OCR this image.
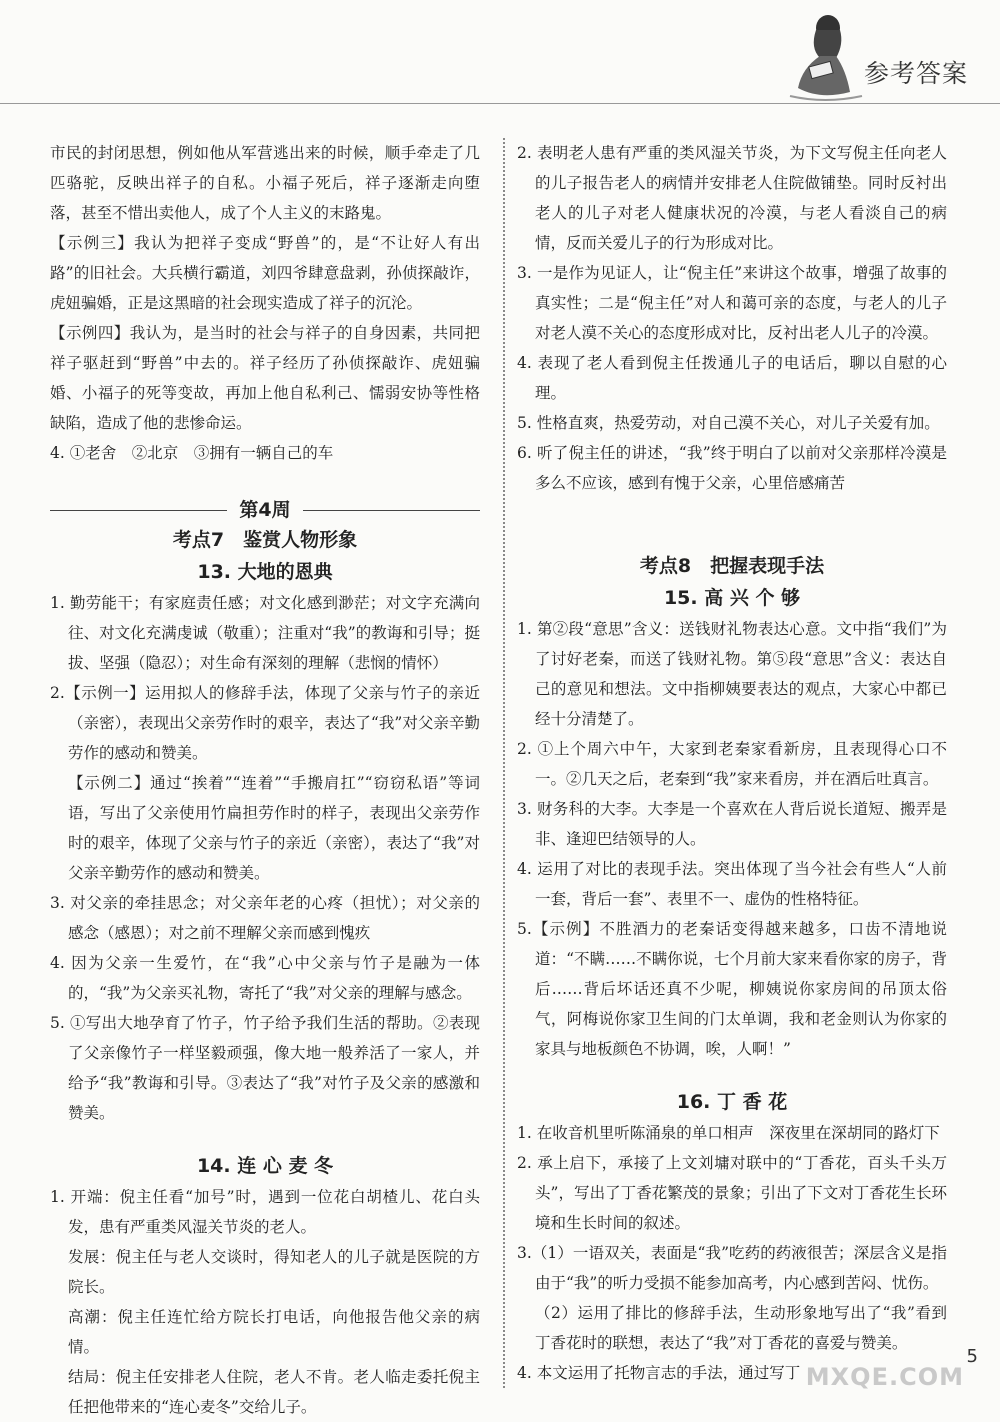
参考答案

市民的封闭思想，例如他从军营逃出来的时候，顺手牵走了几匹骆驼，反映出祥子的自私。小福子死后，祥子逐渐走向堕落，甚至不惜出卖他人，成了个人主义的末路鬼。

【示例三】我认为把祥子变成“野兽”的，是“不让好人有出路”的旧社会。大兵横行霸道，刘四爷肆意盘剥，孙侦探敲诈，虎妞骗婚，正是这黑暗的社会现实造成了祥子的沉沦。

【示例四】我认为，是当时的社会与祥子的自身因素，共同把祥子驱赶到“野兽”中去的。祥子经历了孙侦探敲诈、虎妞骗婚、小福子的死等变故，再加上他自私利己、懦弱安协等性格缺陷，造成了他的悲惨命运。

4. ①老舍　②北京　③拥有一辆自己的车

第4周

考点7　鉴赏人物形象

13. 大地的恩典

1. 勤劳能干；有家庭责任感；对文化感到渺茫；对文字充满向往、对文化充满虔诚（敬重）；注重对“我”的教诲和引导；挺拔、坚强（隐忍）；对生命有深刻的理解（悲悯的情怀）

2.【示例一】运用拟人的修辞手法，体现了父亲与竹子的亲近（亲密），表现出父亲劳作时的艰辛，表达了“我”对父亲辛勤劳作的感动和赞美。

【示例二】通过“挨着”“连着”“手搬肩扛”“窃窃私语”等词语，写出了父亲使用竹扁担劳作时的样子，表现出父亲劳作时的艰辛，体现了父亲与竹子的亲近（亲密），表达了“我”对父亲辛勤劳作的感动和赞美。

3. 对父亲的牵挂思念；对父亲年老的心疼（担忧）；对父亲的感念（感恩）；对之前不理解父亲而感到愧疚

4. 因为父亲一生爱竹，在“我”心中父亲与竹子是融为一体的，“我”为父亲买礼物，寄托了“我”对父亲的理解与感念。

5. ①写出大地孕育了竹子，竹子给予我们生活的帮助。②表现了父亲像竹子一样坚毅顽强，像大地一般养活了一家人，并给予“我”教诲和引导。③表达了“我”对竹子及父亲的感激和赞美。

14. 连 心 麦 冬

1. 开端：倪主任看“加号”时，遇到一位花白胡楂儿、花白头发，患有严重类风湿关节炎的老人。

发展：倪主任与老人交谈时，得知老人的儿子就是医院的方院长。

高潮：倪主任连忙给方院长打电话，向他报告他父亲的病情。

结局：倪主任安排老人住院，老人不肯。老人临走委托倪主任把他带来的“连心麦冬”交给儿子。

2. 表明老人患有严重的类风湿关节炎，为下文写倪主任向老人的儿子报告老人的病情并安排老人住院做铺垫。同时反衬出老人的儿子对老人健康状况的冷漠，与老人看淡自己的病情，反而关爱儿子的行为形成对比。

3. 一是作为见证人，让“倪主任”来讲这个故事，增强了故事的真实性；二是“倪主任”对人和蔼可亲的态度，与老人的儿子对老人漠不关心的态度形成对比，反衬出老人儿子的冷漠。

4. 表现了老人看到倪主任拨通儿子的电话后，聊以自慰的心理。

5. 性格直爽，热爱劳动，对自己漠不关心，对儿子关爱有加。

6. 听了倪主任的讲述，“我”终于明白了以前对父亲那样冷漠是多么不应该，感到有愧于父亲，心里倍感痛苦

考点8　把握表现手法

15. 高 兴 个 够

1. 第②段“意思”含义：送钱财礼物表达心意。文中指“我们”为了讨好老秦，而送了钱财礼物。第⑤段“意思”含义：表达自己的意见和想法。文中指柳姨要表达的观点，大家心中都已经十分清楚了。

2. ①上个周六中午，大家到老秦家看新房，且表现得心口不一。②几天之后，老秦到“我”家来看房，并在酒后吐真言。

3. 财务科的大李。大李是一个喜欢在人背后说长道短、搬弄是非、逢迎巴结领导的人。

4. 运用了对比的表现手法。突出体现了当今社会有些人“人前一套，背后一套”、表里不一、虚伪的性格特征。

5.【示例】不胜酒力的老秦话变得越来越多，口齿不清地说道：“不瞒……不瞒你说，七个月前大家来看你家的房子，背后……背后坏话还真不少呢，柳姨说你家房间的吊顶太俗气，阿梅说你家卫生间的门太单调，我和老金则认为你家的家具与地板颜色不协调，唉，人啊！”

16. 丁 香 花

1. 在收音机里听陈涌泉的单口相声　深夜里在深胡同的路灯下

2. 承上启下，承接了上文刘墉对联中的“丁香花，百头千头万头”，写出了丁香花繁茂的景象；引出了下文对丁香花生长环境和生长时间的叙述。

3.（1）一语双关，表面是“我”吃药的药液很苦；深层含义是指由于“我”的听力受损不能参加高考，内心感到苦闷、忧伤。

（2）运用了排比的修辞手法，生动形象地写出了“我”看到丁香花时的联想，表达了“我”对丁香花的喜爱与赞美。

4. 本文运用了托物言志的手法，通过写丁

5
MXQE.COM
